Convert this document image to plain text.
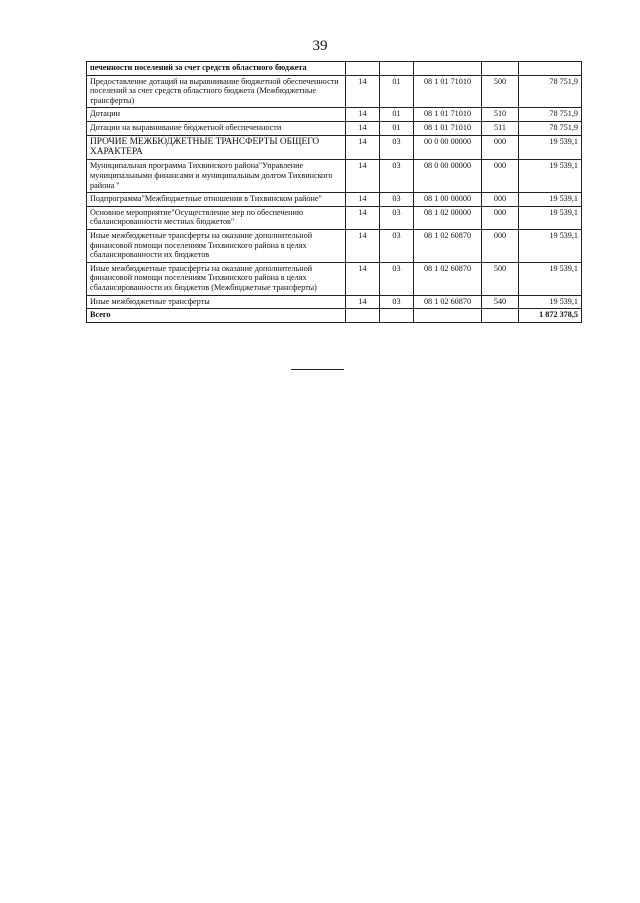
39
печенности поселений за счет средств областного бюджета					
Предоставление дотаций на выравнивание бюджетной обеспеченности поселений за счет средств областного бюджета (Межбюджетные трансферты)	14	01	08 1 01 71010	500	78 751,9
Дотации	14	01	08 1 01 71010	510	78 751,9
Дотации на выравнивание бюджетной обеспеченности	14	01	08 1 01 71010	511	78 751,9
ПРОЧИЕ МЕЖБЮДЖЕТНЫЕ ТРАНСФЕРТЫ ОБЩЕГО ХАРАКТЕРА	14	03	00 0 00 00000	000	19 539,1
Муниципальная программа Тихвинского района"Управление муниципальными финансами и муниципальным долгом Тихвинского района "	14	03	08 0 00 00000	000	19 539,1
Подпрограмма"Межбюджетные отношения в Тихвинском районе"	14	03	08 1 00 00000	000	19 539,1
Основное мероприятие"Осуществление мер по обеспечению сбалансированности местных бюджетов"	14	03	08 1 02 00000	000	19 539,1
Иные межбюджетные трансферты на оказание дополнительной финансовой помощи поселениям Тихвинского района в целях сбалансированности их бюджетов	14	03	08 1 02 60870	000	19 539,1
Иные межбюджетные трансферты на оказание дополнительной финансовой помощи поселениям Тихвинского района в целях сбалансированности их бюджетов (Межбюджетные трансферты)	14	03	08 1 02 60870	500	19 539,1
Иные межбюджетные трансферты	14	03	08 1 02 60870	540	19 539,1
Всего					1 872 378,5
